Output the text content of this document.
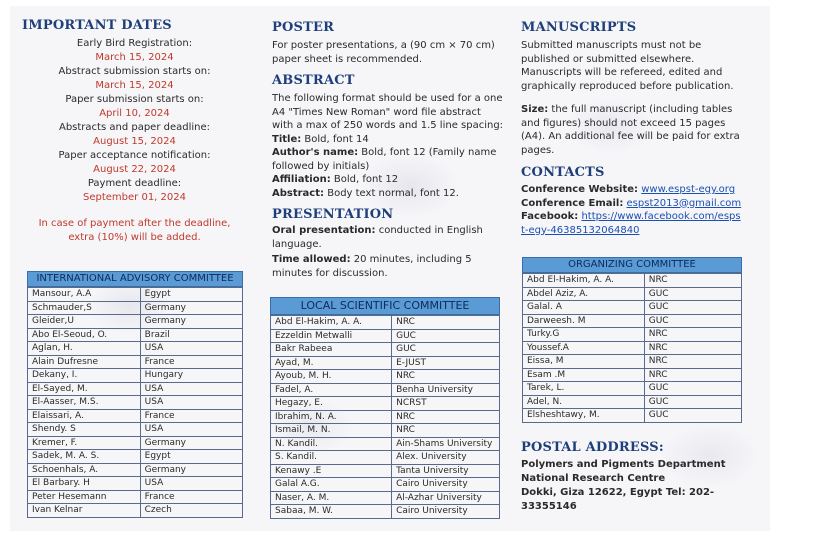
IMPORTANT DATES
Early Bird Registration:
March 15, 2024
Abstract submission starts on:
March 15, 2024
Paper submission starts on:
April 10, 2024
Abstracts and paper deadline:
August 15, 2024
Paper acceptance notification:
August 22, 2024
Payment deadline:
September 01, 2024
In case of payment after the deadline, extra (10%) will be added.
INTERNATIONAL ADVISORY COMMITTEE
Mansour, A.A	Egypt
Schmauder,S	Germany
Gleider,U	Germany
Abo El-Seoud, O.	Brazil
Aglan, H.	USA
Alain Dufresne	France
Dekany, I.	Hungary
El-Sayed, M.	USA
El-Aasser, M.S.	USA
Elaissari, A.	France
Shendy. S	USA
Kremer, F.	Germany
Sadek, M. A. S.	Egypt
Schoenhals, A.	Germany
El Barbary. H	USA
Peter Hesemann	France
Ivan Kelnar	Czech
POSTER

For poster presentations, a (90 cm × 70 cm) paper sheet is recommended.

ABSTRACT

The following format should be used for a one A4 "Times New Roman" word file abstract with a max of 250 words and 1.5 line spacing:

Title: Bold, font 14

Author's name: Bold, font 12 (Family name followed by initials)

Affiliation: Bold, font 12

Abstract: Body text normal, font 12.

PRESENTATION

Oral presentation: conducted in English language.

Time allowed: 20 minutes, including 5 minutes for discussion.

LOCAL SCIENTIFIC COMMITTEE
Abd El-Hakim, A. A.	NRC
Ezzeldin Metwalli	GUC
Bakr Rabeea	GUC
Ayad, M.	E-JUST
Ayoub, M. H.	NRC
Fadel, A.	Benha University
Hegazy, E.	NCRST
Ibrahim, N. A.	NRC
Ismail, M. N.	NRC
N. Kandil.	Ain-Shams University
S. Kandil.	Alex. University
Kenawy .E	Tanta University
Galal A.G.	Cairo University
Naser, A. M.	Al-Azhar University
Sabaa, M. W.	Cairo University
MANUSCRIPTS

Submitted manuscripts must not be published or submitted elsewhere. Manuscripts will be refereed, edited and graphically reproduced before publication.

Size: the full manuscript (including tables and figures) should not exceed 15 pages (A4). An additional fee will be paid for extra pages.

CONTACTS

Conference Website: www.espst-egy.org

Conference Email: espst2013@gmail.com

Facebook: https://www.facebook.com/espst-egy-46385132064840

ORGANIZING COMMITTEE
Abd El-Hakim, A. A.	NRC
Abdel Aziz, A.	GUC
Galal. A	GUC
Darweesh. M	GUC
Turky.G	NRC
Youssef.A	NRC
Eissa, M	NRC
Esam .M	NRC
Tarek, L.	GUC
Adel, N.	GUC
Elsheshtawy, M.	GUC
POSTAL ADDRESS:

Polymers and Pigments Department

National Research Centre

Dokki, Giza 12622, Egypt Tel: 202-33355146
